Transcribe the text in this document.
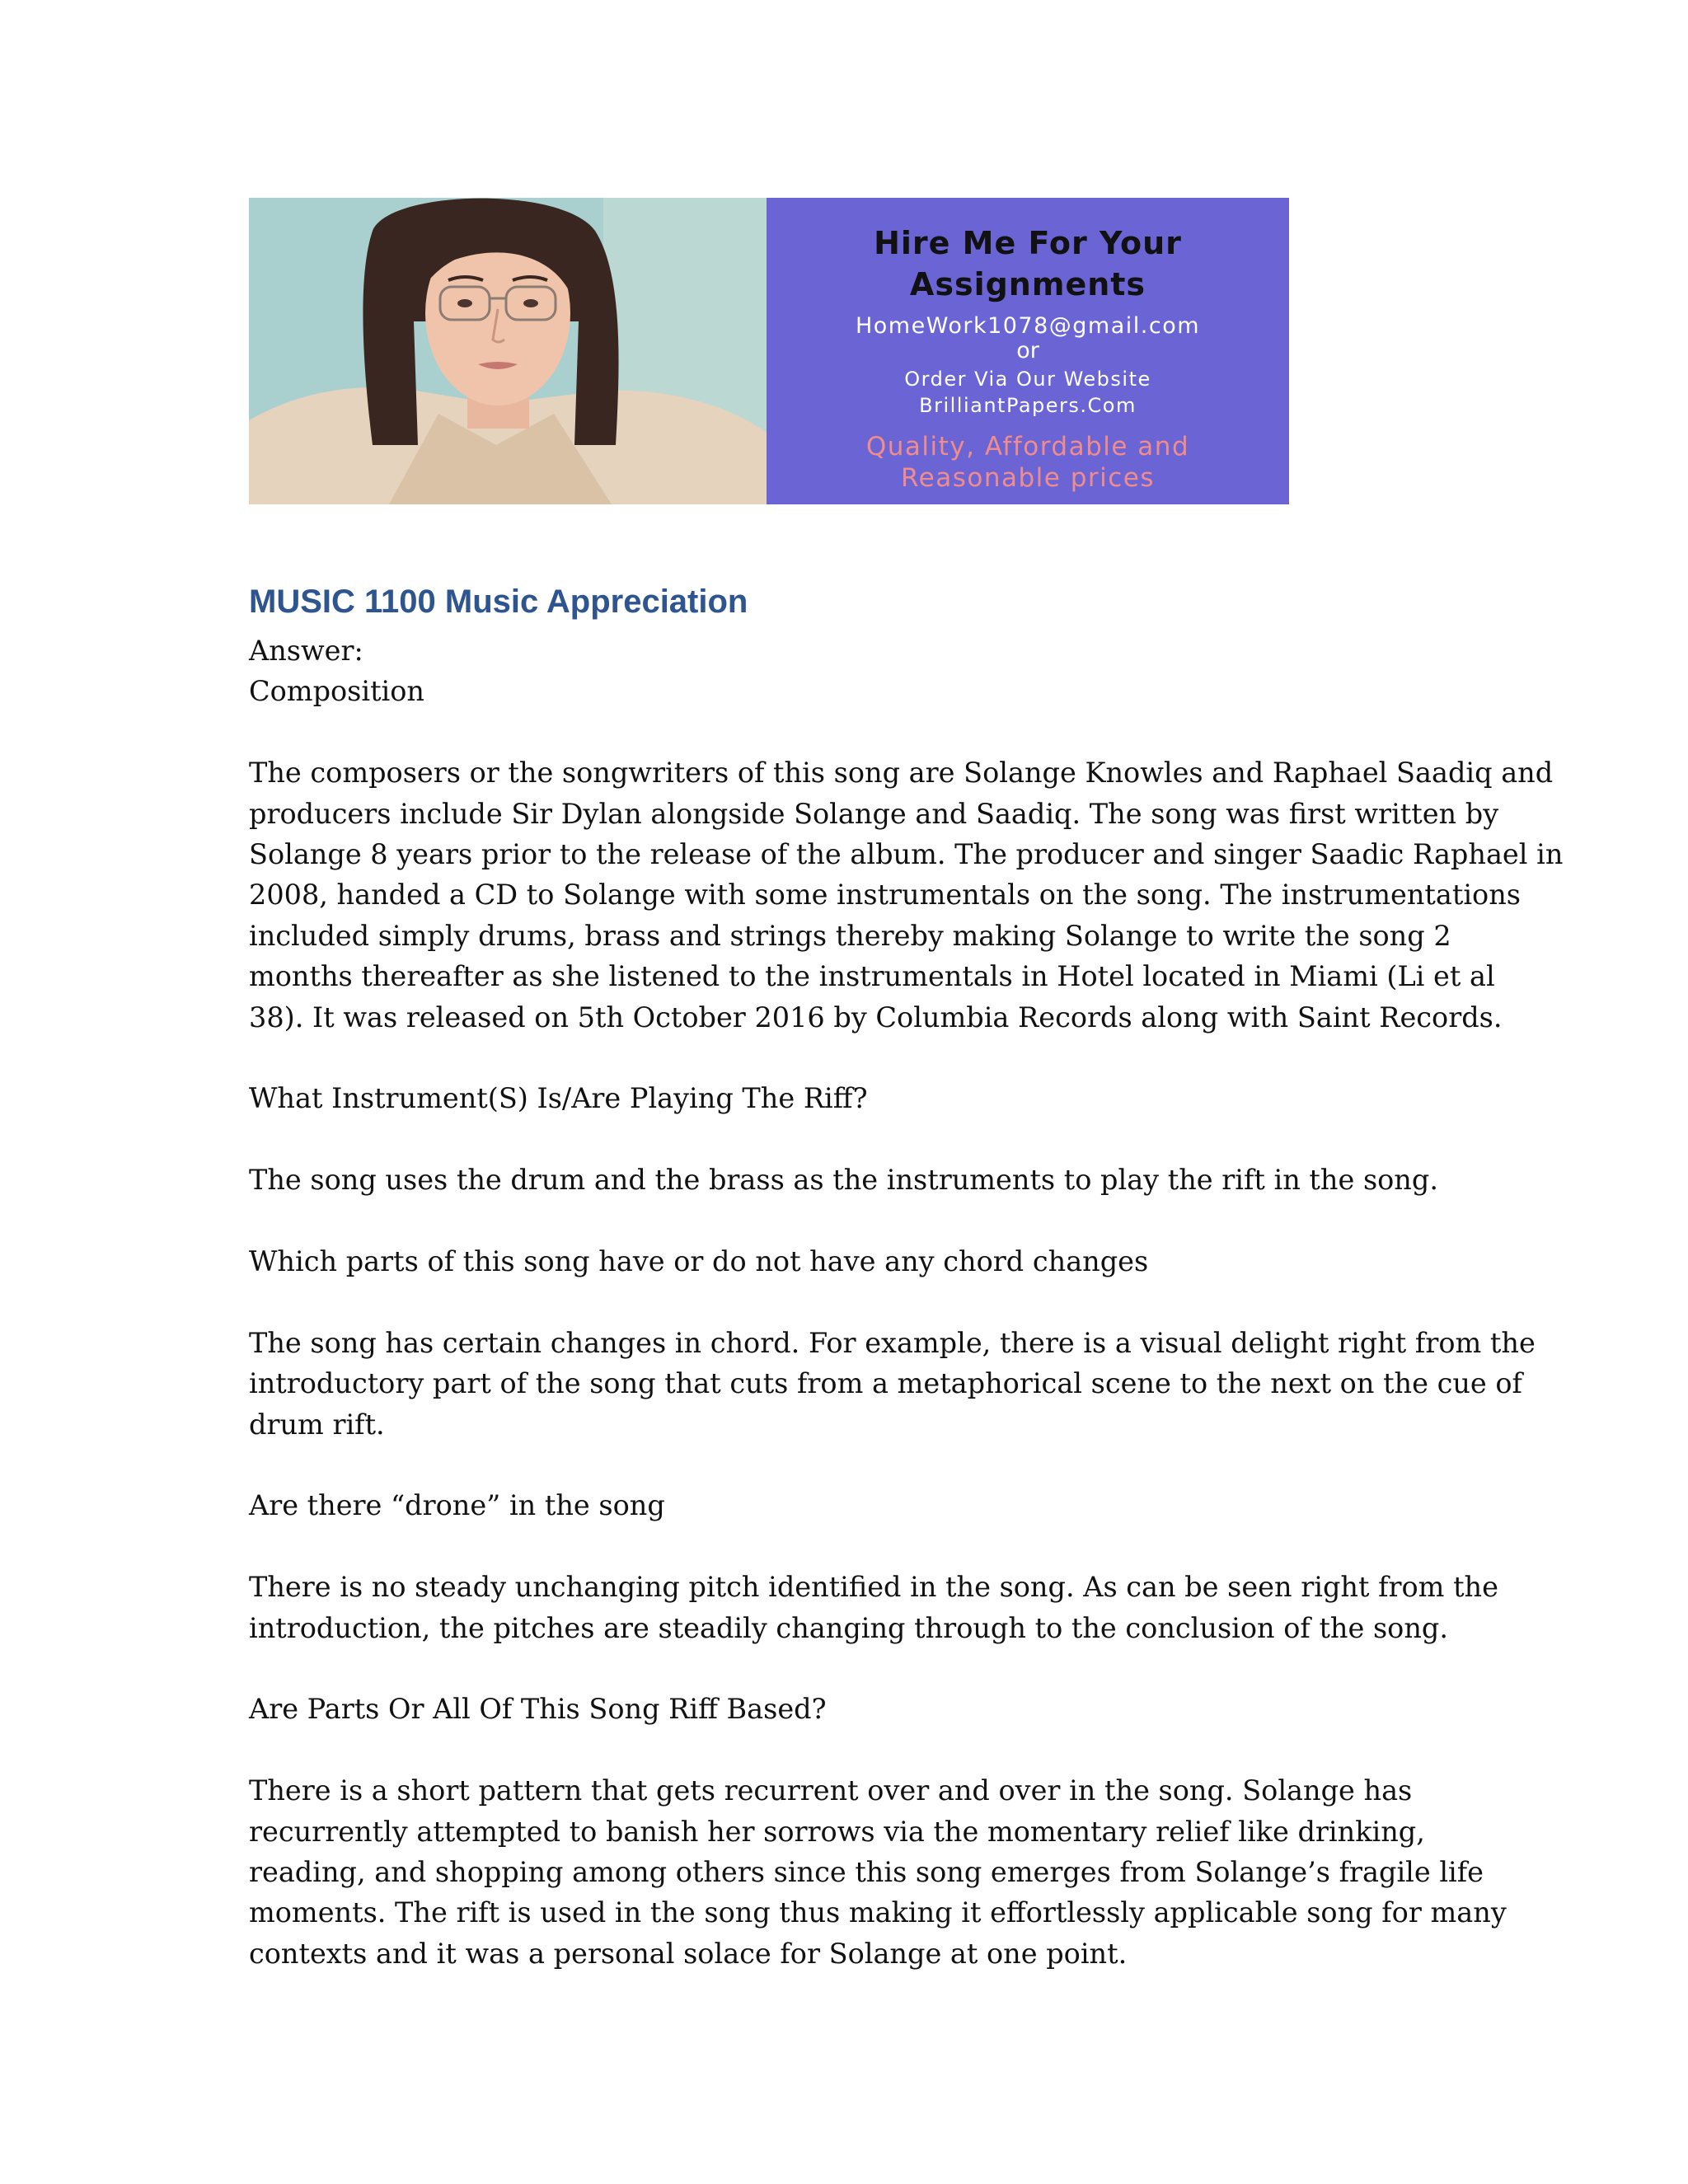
Hire Me For Your
Assignments
HomeWork1078@gmail.com
or
Order Via Our Website
BrilliantPapers.Com
Quality, Affordable and
Reasonable prices
MUSIC 1100 Music Appreciation

Answer:
Composition

The composers or the songwriters of this song are Solange Knowles and Raphael Saadiq and
producers include Sir Dylan alongside Solange and Saadiq. The song was first written by
Solange 8 years prior to the release of the album. The producer and singer Saadic Raphael in
2008, handed a CD to Solange with some instrumentals on the song. The instrumentations
included simply drums, brass and strings thereby making Solange to write the song 2
months thereafter as she listened to the instrumentals in Hotel located in Miami (Li et al
38). It was released on 5th October 2016 by Columbia Records along with Saint Records.

What Instrument(S) Is/Are Playing The Riff?

The song uses the drum and the brass as the instruments to play the rift in the song.

Which parts of this song have or do not have any chord changes

The song has certain changes in chord. For example, there is a visual delight right from the
introductory part of the song that cuts from a metaphorical scene to the next on the cue of
drum rift.

Are there “drone” in the song

There is no steady unchanging pitch identified in the song. As can be seen right from the
introduction, the pitches are steadily changing through to the conclusion of the song.

Are Parts Or All Of This Song Riff Based?

There is a short pattern that gets recurrent over and over in the song. Solange has
recurrently attempted to banish her sorrows via the momentary relief like drinking,
reading, and shopping among others since this song emerges from Solange’s fragile life
moments. The rift is used in the song thus making it effortlessly applicable song for many
contexts and it was a personal solace for Solange at one point.
